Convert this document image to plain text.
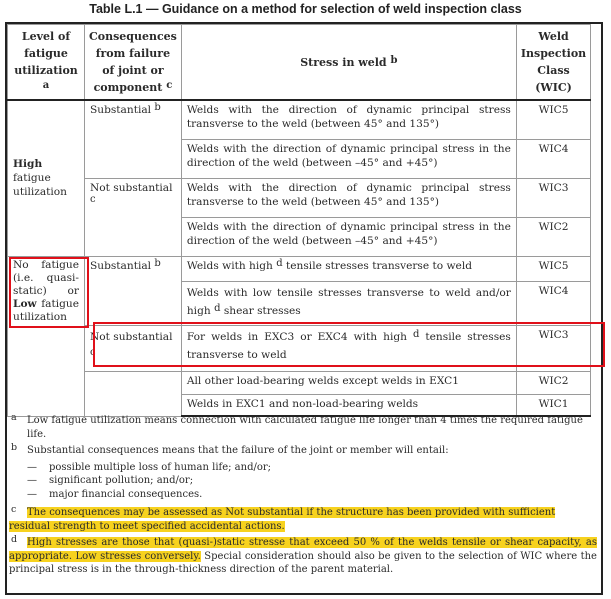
Table L.1 — Guidance on a method for selection of weld inspection class
Level of fatigue utilization $^a$	Consequences from failure of joint or component $^c$	Stress in weld $^b$	Weld Inspection Class (WIC)
High fatigue utilization	Substantial $^b$	Welds with the direction of dynamic principal stress transverse to the weld (between 45° and 135°)	WIC5
		Welds with the direction of dynamic principal stress in the direction of the weld (between –45° and +45°)	WIC4
	Not substantial $^c$	Welds with the direction of dynamic principal stress transverse to the weld (between 45° and 135°)	WIC3
		Welds with the direction of dynamic principal stress in the direction of the weld (between –45° and +45°)	WIC2
No fatigue (i.e. quasi-static) or Low fatigue utilization	Substantial $^b$	Welds with high $^d$ tensile stresses transverse to weld	WIC5
		Welds with low tensile stresses transverse to weld and/or high $^d$ shear stresses	WIC4
	Not substantial $^c$	For welds in EXC3 or EXC4 with high $^d$ tensile stresses transverse to weld	WIC3
		All other load-bearing welds except welds in EXC1	WIC2
		Welds in EXC1 and non-load-bearing welds	WIC1
a Low fatigue utilization means connection with calculated fatigue life longer than 4 times the required fatigue life.
b Substantial consequences means that the failure of the joint or member will entail:
— possible multiple loss of human life; and/or;
— significant pollution; and/or;
— major financial consequences.
c The consequences may be assessed as Not substantial if the structure has been provided with sufficient residual strength to meet specified accidental actions.
d High stresses are those that (quasi-)static stresse that exceed 50 % of the welds tensile or shear capacity, as appropriate. Low stresses conversely. Special consideration should also be given to the selection of WIC where the principal stress is in the through-thickness direction of the parent material.
